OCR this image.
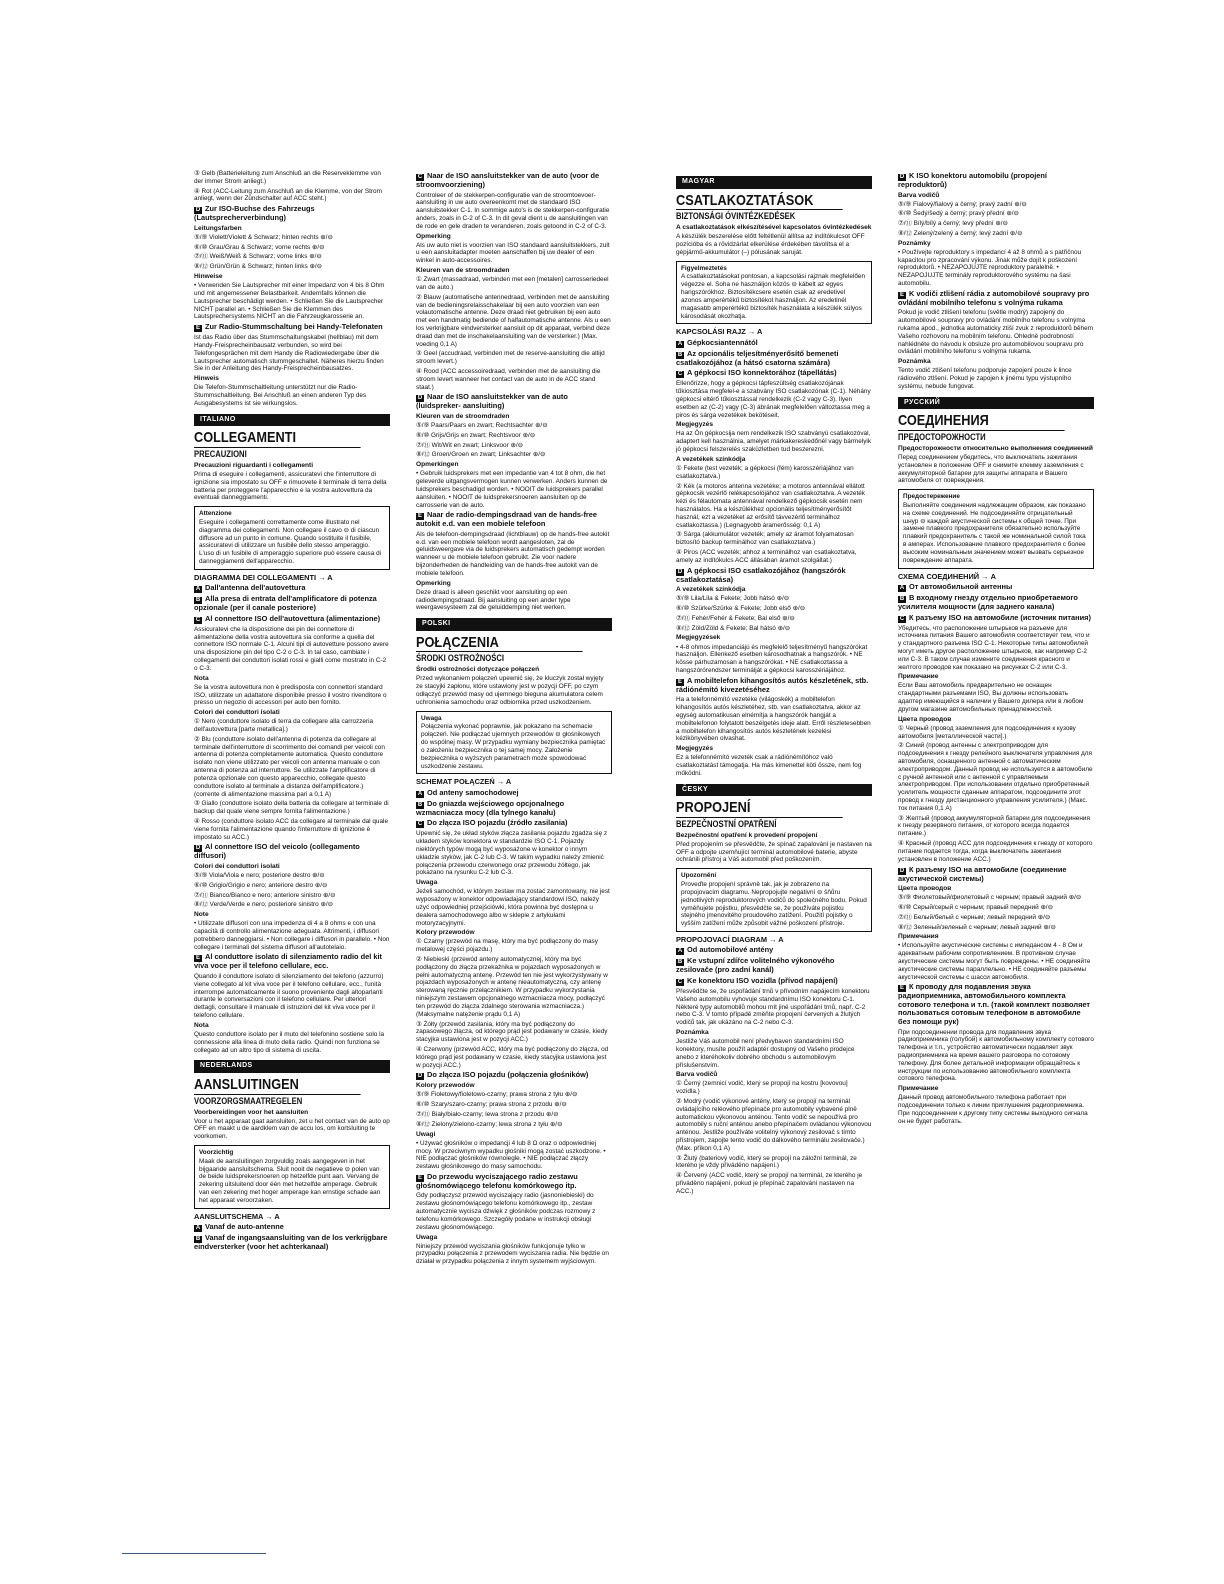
③ Gelb (Batterieleitung zum Anschluß an die Reserveklemme von der immer Strom anliegt.)

④ Rot (ACC-Leitung zum Anschluß an die Klemme, von der Strom anliegt, wenn der Zündschalter auf ACC steht.)

D Zur ISO-Buchse des Fahrzeugs (Lautsprecherverbindung)
Leitungsfarben

⑤/⑨ Violett/Violett & Schwarz; hinten rechts ⊕/⊖

⑥/⑩ Grau/Grau & Schwarz; vorne rechts ⊕/⊖

⑦/⑪ Weiß/Weiß & Schwarz; vorne links ⊕/⊖

⑧/⑫ Grün/Grün & Schwarz; hinten links ⊕/⊖

Hinweise

• Verwenden Sie Lautsprecher mit einer Impedanz von 4 bis 8 Ohm und mit angemessener Belastbarkeit. Andernfalls können die Lautsprecher beschädigt werden. • Schließen Sie die Lautsprecher NICHT parallel an. • Schließen Sie die Klemmen des Lautsprechersystems NICHT an die Fahrzeugkarosserie an.

E Zur Radio-Stummschaltung bei Handy-Telefonaten

Ist das Radio über das Stummschaltungskabel (hellblau) mit dem Handy-Freisprecheinbausatz verbunden, so wird bei Telefongesprächen mit dem Handy die Radiowiedergabe über die Lautsprecher automatisch stummgeschaltet. Näheres hierzu finden Sie in der Anleitung des Handy-Freisprecheinbausatzes.

Hinweis

Die Telefon-Stummschaltleitung unterstützt nur die Radio-Stummschaltleitung. Bei Anschluß an einen anderen Typ des Ausgabesystems ist sie wirkungslos.

ITALIANO
COLLEGAMENTI
PRECAUZIONI
Precauzioni riguardanti i collegamenti

Prima di eseguire i collegamenti, assicuratevi che l'interruttore di ignizione sia impostato su OFF e rimuovete il terminale di terra della batteria per proteggere l'apparecchio e la vostra autovettura da eventuali danneggiamenti.

Attenzione
Eseguire i collegamenti correttamente come illustrato nel diagramma dei collegamenti. Non collegare il cavo ⊖ di ciascun diffusore ad un punto in comune. Quando sostituite il fusibile, assicuratevi di utilizzare un fusibile dello stesso amperaggio. L'uso di un fusibile di amperaggio superiore può essere causa di danneggiamenti dell'apparecchio.
DIAGRAMMA DEI COLLEGAMENTI → A
A Dall'antenna dell'autovettura
B Alla presa di entrata dell'amplificatore di potenza opzionale (per il canale posteriore)
C Al connettore ISO dell'autovettura (alimentazione)

Assicuratevi che la disposizione dei pin dei connettore di alimentazione della vostra autovettura sia conforme a quella del connettore ISO normale C-1. Alcuni tipi di autovetture possono avere una disposizione pin del tipo C-2 o C-3. In tal caso, cambiate i collegamenti dei conduttori isolati rossi e gialli come mostrato in C-2 o C-3.

Nota

Se la vostra autovettura non è predisposta con connettori standard ISO, utilizzate un adattatore disponibile presso il vostro rivenditore o presso un negozio di accessori per auto ben fornito.

Colori dei conduttori isolati

① Nero (conduttore isolato di terra da collegare alla carrozzeria dell'autovettura [parte metallica].)

② Blu (conduttore isolato dell'antenna di potenza da collegare al terminale dell'interruttore di scorrimento dei comandi per veicoli con antenna di potenza completamente automatica. Questo conduttore isolato non viene utilizzato per veicoli con antenna manuale o con antenna di potenza ad interruttore. Se utilizzate l'amplificatore di potenza opzionale con questo apparecchio, collegate questo conduttore isolato al terminale a distanza dell'amplificatore.) (corrente di alimentazione massima pari a 0,1 A)

③ Giallo (conduttore isolato della batteria da collegare al terminale di backup dal quale viene sempre fornita l'alimentazione.)

④ Rosso (conduttore isolato ACC da collegare al terminale dal quale viene fornita l'alimentazione quando l'interruttore di ignizione è impostato su ACC.)

D Al connettore ISO del veicolo (collegamento diffusori)
Colori dei conduttori isolati

⑤/⑨ Viola/Viola e nero; posteriore destro ⊕/⊖

⑥/⑩ Grigio/Grigio e nero; anteriore destro ⊕/⊖

⑦/⑪ Bianco/Bianco e nero; anteriore sinistro ⊕/⊖

⑧/⑫ Verde/Verde e nero; posteriore sinistro ⊕/⊖

Note

• Utilizzate diffusori con una impedenza di 4 a 8 ohms e con una capacità di controllo alimentazione adeguata. Altrimenti, i diffusori potrebbero danneggiarsi. • Non collegare i diffusori in parallelo. • Non collegare i terminali del sistema diffusori all'autotelaio.

E Al conduttore isolato di silenziamento radio del kit viva voce per il telefono cellulare, ecc.

Quando il conduttore isolato di silenziamento del telefono (azzurro) viene collegato al kit viva voce per il telefono cellulare, ecc., l'unità interrompe automaticamente il suono proveniente dagli altoparlanti durante le conversazioni con il telefono cellulare. Per ulteriori dettagli, consultare il manuale di istruzioni del kit viva voce per il telefono cellulare.

Nota

Questo conduttore isolato per il muto del telefonino sostiene solo la connessione alla linea di muto della radio. Quindi non funziona se collegato ad un altro tipo di sistema di uscita.

NEDERLANDS
AANSLUITINGEN
VOORZORGSMAATREGELEN
Voorbereidingen voor het aansluiten

Voor u het apparaat gaat aansluiten, zet u het contact van de auto op OFF en maakt u de aardklem van de accu los, om kortsluiting te voorkomen.

Voorzichtig
Maak de aansluitingen zorgvuldig zoals aangegeven in het bijgaande aansluitschema. Sluit nooit de negatieve ⊖ polen van de beide luidsprekersnoeren op hetzelfde punt aan. Vervang de zekering uitsluitend door één met hetzelfde amperage. Gebruik van een zekering met hoger amperage kan ernstige schade aan het apparaat veroorzaken.
AANSLUITSCHEMA → A
A Vanaf de auto-antenne
B Vanaf de ingangsaansluiting van de los verkrijgbare eindversterker (voor het achterkanaal)
C Naar de ISO aansluitstekker van de auto (voor de stroomvoorziening)

Controleer of de stekkerpen-configuratie van de stroomtoevoer-aansluiting in uw auto overeenkomt met de standaard ISO aansluitstekker C-1. In sommige auto's is de stekkerpen-configuratie anders, zoals in C-2 of C-3. In dit geval dient u de aansluitingen van de rode en gele draden te veranderen, zoals getoond in C-2 of C-3.

Opmerking

Als uw auto niet is voorzien van ISO standaard aansluitstekkers, zult u een aansluitadapter moeten aanschaffen bij uw dealer of een winkel in auto-accessoires.

Kleuren van de stroomdraden

① Zwart (massadraad, verbinden met een [metalen] carrosseriedeel van de auto.)

② Blauw (automatische antennedraad, verbinden met de aansluiting van de bedieningsrelaisschakelaar bij een auto voorzien van een volautomatische antenne. Deze draad niet gebruiken bij een auto met een handmatig bediende of halfautomatische antenne. Als u een los verkrijgbare eindversterker aansluit op dit apparaat, verbind deze draad dan met de inschakelaansluiting van de versterker.) (Max. voeding 0,1 A)

③ Geel (accudraad, verbinden met de reserve-aansluiting die altijd stroom levert.)

④ Rood (ACC accessoiredraad, verbinden met de aansluiting die stroom levert wanneer het contact van de auto in de ACC stand staat.)

D Naar de ISO aansluitstekker van de auto (luidspreker- aansluiting)
Kleuren van de stroomdraden

⑤/⑨ Paars/Paars en zwart; Rechtsachter ⊕/⊖

⑥/⑩ Grijs/Grijs en zwart; Rechtsvoor ⊕/⊖

⑦/⑪ Wit/Wit en zwart; Linksvoor ⊕/⊖

⑧/⑫ Groen/Groen en zwart; Linksachter ⊕/⊖

Opmerkingen

• Gebruik luidsprekers met een impedantie van 4 tot 8 ohm, die het geleverde uitgangsvermogen kunnen verwerken. Anders kunnen de luidsprekers beschadigd worden. • NOOIT de luidsprekers parallel aansluiten. • NOOIT de luidsprekersnoeren aansluiten op de carrosserie van de auto.

E Naar de radio-dempingsdraad van de hands-free autokit e.d. van een mobiele telefoon

Als de telefoon-dempingsdraad (lichtblauw) op de hands-free autokit e.d. van een mobiele telefoon wordt aangesloten, zal de geluidsweergave via de luidsprekers automatisch gedempt worden wanneer u de mobiele telefoon gebruikt. Zie voor nadere bijzonderheden de handleiding van de hands-free autokit van de mobiele telefoon.

Opmerking

Deze draad is alleen geschikt voor aansluiting op een radiodempingsdraad. Bij aansluiting op een ander type weergavesysteem zal de geluiddemping niet werken.

POLSKI
POŁĄCZENIA
ŚRODKI OSTROŻNOŚCI
Środki ostrożności dotyczące połączeń

Przed wykonaniem połączeń upewnić się, że kluczyk został wyjęty ze stacyjki zapłonu, które ustawiony jest w pozycji OFF, po czym odłączyć przewód masy od ujemnego bieguna akumulatora celem uchronienia samochodu oraz odbiornika przed uszkodzeniem.

Uwaga
Połączenia wykonać poprawnie, jak pokazano na schemacie połączeń. Nie podłączać ujemnych przewodów ⊖ głośnikowych do wspólnej masy. W przypadku wymiany bezpiecznika pamiętać o założeniu bezpiecznika o tej samej mocy. Założenie bezpiecznika o wyższych parametrach może spowodować uszkodzenie zestawu.
SCHEMAT POŁĄCZEŃ → A
A Od anteny samochodowej
B Do gniazda wejściowego opcjonalnego wzmacniacza mocy (dla tylnego kanału)
C Do złącza ISO pojazdu (źródło zasilania)

Upewnić się, że układ styków złącza zasilania pojazdu zgadza się z układem styków konektora w standardzie ISO C-1. Pojazdy niektórych typów mogą być wyposażone w konektor o innym układzie styków, jak C-2 lub C-3. W takim wypadku należy zmienić połączenia przewodu czerwonego oraz przewodu żółtego, jak pokazano na rysunku C-2 lub C-3.

Uwaga

Jeżeli samochód, w którym zestaw ma zostać zamontowany, nie jest wyposażony w konektor odpowiadający standardowi ISO, należy użyć odpowiedniej przejściówki, która powinna być dostępna u dealera samochodowego albo w sklepie z artykułami motoryzacyjnymi.

Kolory przewodów

① Czarny (przewód na masę, który ma być podłączony do masy metalowej części pojazdu.)

② Niebieski (przewód anteny automatycznej, który ma być podłączony do złącza przekaźnika w pojazdach wyposażonych w pełni automatyczną antenę. Przewód ten nie jest wykorzystywany w pojazdach wyposażonych w antenę nieautomatyczną, czy antenę sterowaną ręcznie przełącznikiem. W przypadku wykorzystania niniejszym zestawem opcjonalnego wzmacniacza mocy, podłączyć ten przewód do złącza zdalnego sterowania wzmacniacza.) (Maksymalne natężenie prądu 0,1 A)

③ Żółty (przewód zasilania, który ma być podłączony do zapasowego złącza, od którego prąd jest podawany w czasie, kiedy stacyjka ustawiona jest w pozycji ACC.)

④ Czerwony (przewód ACC, który ma być podłączony do złącza, od którego prąd jest podawany w czasie, kiedy stacyjka ustawiona jest w pozycji ACC.)

D Do złącza ISO pojazdu (połączenia głośników)
Kolory przewodów

⑤/⑨ Fioletowy/fioletowo-czarny; prawa strona z tyłu ⊕/⊖

⑥/⑩ Szary/szaro-czarny; prawa strona z przodu ⊕/⊖

⑦/⑪ Biały/biało-czarny; lewa strona z przodu ⊕/⊖

⑧/⑫ Zielony/zielono-czarny; lewa strona z tyłu ⊕/⊖

Uwagi

• Używać głośników o impedancji 4 lub 8 Ω oraz o odpowiedniej mocy. W przeciwnym wypadku głośniki mogą zostać uszkodzone. • NIE podłączać głośników równolegle. • NIE podłączać złączy zestawu głośnikowego do masy samochodu.

E Do przewodu wyciszającego radio zestawu głośnomówiącego telefonu komórkowego itp.

Gdy podłączysz przewód wyciszający radio (jasnoniebieski) do zestawu głośnomówiącego telefonu komórkowego itp., zestaw automatycznie wycisza dźwięk z głośników podczas rozmowy z telefonu komórkowego. Szczegóły podane w instrukcji obsługi zestawu głośnomówiącego.

Uwaga

Niniejszy przewód wyciszania głośników funkcjonuje tylko w przypadku połączenia z przewodem wyciszania radia. Nie będzie on działał w przypadku połączenia z innym systemem wyjściowym.

MAGYAR
CSATLAKOZTATÁSOK
BIZTONSÁGI ÓVINTÉZKEDÉSEK
A csatlakoztatások elkészítésével kapcsolatos óvintézkedések

A készülék beszerelése előtt feltétlenül állítsa az indítókulcsot OFF pozícióba és a rövidzárlat elkerülése érdekében távolítsa el a gépjármű-akkumulátor (–) pólusának saruját.

Figyelmeztetés
A csatlakoztatásokat pontosan, a kapcsolási rajznak megfelelően végezze el. Soha ne használjon közös ⊖ kábelt az egyes hangszórókhoz. Biztosítékcsere esetén csak az eredetivel azonos amperértékű biztosítékot használjon. Az eredetinél magasabb amperértékű biztosíték használata a készülék súlyos károsodását okozhatja.
KAPCSOLÁSI RAJZ → A
A Gépkocsiantennától
B Az opcionális teljesítményerősítő bemeneti csatlakozójához (a hátsó csatorna számára)
C A gépkocsi ISO konnektorához (tápellátás)

Ellenőrizze, hogy a gépkocsi tápfeszültség csatlakozójának tűkiosztása megfelel-e a szabvány ISO csatlakozónak (C-1). Néhány gépkocsi eltérő tűkiosztással rendelkezik (C-2 vagy C-3). Ilyen esetben az (C-2) vagy (C-3) ábrának megfelelően változtassa meg a piros és sárga vezetékek bekötéseit.

Megjegyzés

Ha az Ön gépkocsija nem rendelkezik ISO szabványú csatlakozóval, adaptert kell használnia, amelyet márkakereskedőnél vagy bármelyik jó gépkocsi felszerelés szaküzletben tud beszerezni.

A vezetékek színkódja

① Fekete (test vezeték; a gépkocsi (fém) karosszériájához van csatlakoztatva.)

② Kék (a motoros antenna vezetéke; a motoros antennával ellátott gépkocsik vezérlő relékapcsolójához van csatlakoztatva. A vezeték kézi és félautomata antennával rendelkező gépkocsik esetén nem használatos. Ha a készülékhez opcionális teljesítményerősítőt használ, ezt a vezetéket az erősítő távvezérlő terminálhoz csatlakoztassa.) (Legnagyobb áramerősség: 0,1 A)

③ Sárga (akkumulátor vezeték; amely az áramot folyamatosan biztosító backup terminálhoz van csatlakoztatva.)

④ Piros (ACC vezeték; ahhoz a terminálhoz van csatlakoztatva, amely az indítókulcs ACC állásában áramot szolgáltat.)

D A gépkocsi ISO csatlakozójához (hangszórók csatlakoztatása)
A vezetékek színkódja

⑤/⑨ Lila/Lila & Fekete; Jobb hátsó ⊕/⊖

⑥/⑩ Szürke/Szürke & Fekete; Jobb első ⊕/⊖

⑦/⑪ Fehér/Fehér & Fekete; Bal első ⊕/⊖

⑧/⑫ Zöld/Zöld & Fekete; Bal hátsó ⊕/⊖

Megjegyzések

• 4-8 ohmos impedanciájú és megfelelő teljesítményű hangszórókat használjon. Ellenkező esetben károsodhatnak a hangszórók. • NE kösse párhuzamosan a hangszórókat. • NE csatlakoztassa a hangszórórendszer terminálját a gépkocsi karosszériájához.

E A mobiltelefon kihangosítós autós készletének, stb. rádiónémító kivezetéséhez

Ha a telefonnémító vezetéke (világoskék) a mobiltelefon kihangosítós autós készletéhez, stb. van csatlakoztatva, akkor az egység automatikusan elnémítja a hangszórók hangját a mobiltelefonon folytatott beszélgetés ideje alatt. Erről részletesebben a mobiltelefon kihangosítós autós készletének kezelési kézikönyvében olvashat.

Megjegyzés

Ez a telefonnémító vezeték csak a rádiónémítóhoz való csatlakoztatást támogatja. Ha más kimenettel köti össze, nem fog működni.

ČESKY
PROPOJENÍ
BEZPEČNOSTNÍ OPATŘENÍ
Bezpečnostní opatření k provedení propojení

Před propojením se přesvědčte, že spínač zapalování je nastaven na OFF a odpojte uzemňující terminál automobilové baterie, abyste ochránili přístroj a Váš automobil před poškozením.

Upozornění
Proveďte propojení správně tak, jak je zobrazeno na propojovacím diagramu. Nepropojujte negativní ⊖ šňůru jednotlivých reproduktorových vodičů do společného bodu. Pokud vyměňujete pojistku, přesvědčte se, že používáte pojistku stejného jmenovitého proudového zatížení. Použití pojistky o vyšším zatížení může způsobit vážné poškození přístroje.
PROPOJOVACÍ DIAGRAM → A
A Od automobilové antény
B Ke vstupní zdířce volitelného výkonového zesilovače (pro zadní kanál)
C Ke konektoru ISO vozidla (přívod napájení)

Přesvědčte se, že uspořádání trnů v přívodním napájecím konektoru Vašeho automobilu vyhovuje standardnímu ISO konektoru C-1. Některé typy automobilů mohou mít jiné uspořádání trnů, např. C-2 nebo C-3. V tomto případě změňte propojení červených a žlutých vodičů tak, jak ukázáno na C-2 nebo C-3.

Poznámka

Jestliže Váš automobil není předvybaven standardními ISO konektory, musíte použít adaptér dostupný od Vašeho prodejce anebo z kteréhokoliv dobrého obchodu s automobilovým příslušenstvím.

Barva vodičů

① Černý (zemnicí vodič, který se propojí na kostru [kovovou] vozidla.)

② Modrý (vodič výkonové antény, který se propojí na terminál ovládajícího reléového přepínače pro automobily vybavené plně automatickou výkonovou anténou. Tento vodič se nepoužívá pro automobily s ruční anténou anebo přepínačem ovládanou výkonovou anténou. Jestliže používáte volitelný výkonový zesilovač s tímto přístrojem, zapojte tento vodič do dálkového terminálu zesilovače.) (Max. příkon 0,1 A)

③ Žlutý (bateriový vodič, který se propojí na záložní terminál, ze kterého je vždy přiváděno napájení.)

④ Červený (ACC vodič, který se propojí na terminál, ze kterého je přiváděno napájení, pokud je přepínač zapalování nastaven na ACC.)

D K ISO konektoru automobilu (propojení reproduktorů)
Barva vodičů

⑤/⑨ Fialový/fialový a černý; pravý zadní ⊕/⊖

⑥/⑩ Šedý/šedý a černý; pravý přední ⊕/⊖

⑦/⑪ Bílý/bílý a černý; levý přední ⊕/⊖

⑧/⑫ Zelený/zelený a černý; levý zadní ⊕/⊖

Poznámky

• Používejte reproduktory s impedancí 4 až 8 ohmů a s patřičnou kapacitou pro zpracování výkonu. Jinak může dojít k poškození reproduktorů. • NEZAPOJUJTE reproduktory paralelně. • NEZAPOJUJTE terminály reproduktorového systému na šasi automobilu.

E K vodiči ztlišení rádia z automobilové soupravy pro ovládání mobilního telefonu s volnýma rukama

Pokud je vodič ztlišení telefonu (světle modrý) zapojený do automobilové soupravy pro ovládání mobilního telefonu s volnýma rukama apod., jednotka automaticky ztiší zvuk z reproduktorů během Vašeho rozhovoru na mobilním telefonu. Ohledně podrobností nahlédněte do návodu k obsluze pro automobilovou soupravu pro ovládání mobilního telefonu s volnýma rukama.

Poznámka

Tento vodič ztlišení telefonu podporuje zapojení pouze k lince rádiového ztlšení. Pokud je zapojen k jinému typu výstupního systému, nebude fungovat.

РУССКИЙ
СОЕДИНЕНИЯ
ПРЕДОСТОРОЖНОСТИ
Предосторожности относительно выполнения соединений

Перед соединением убедитесь, что выключатель зажигания установлен в положение OFF и снимите клемму заземления с аккумуляторной батареи для защиты аппарата и Вашего автомобиля от повреждения.

Предостережение
Выполняйте соединения надлежащим образом, как показано на схеме соединений. Не подсоединяйте отрицательный шнур ⊖ каждой акустической системы к общей точке. При замене плавкого предохранителя обязательно используйте плавкий предохранитель с такой же номинальной силой тока в амперах. Использование плавкого предохранителя с более высоким номинальным значением может вызвать серьезное повреждение аппарата.
СХЕМА СОЕДИНЕНИЙ → A
A От автомобильной антенны
B В входному гнезду отдельно приобретаемого усилителя мощности (для заднего канала)
C К разъему ISO на автомобиле (источник питания)

Убедитесь, что расположение штырьков на разъеме для источника питания Вашего автомобиля соответствует тем, что и у стандартного разъема ISO C-1. Некоторые типы автомобилей могут иметь другое расположение штырьков, как например C-2 или C-3. В таком случае измените соединения красного и желтого проводов как показано на рисунках C-2 или C-3.

Примечание

Если Ваш автомобиль предварительно не оснащен стандартными разъемами ISO, Вы должны использовать адаптер имеющийся в наличии у Вашего дилера или в любом другом магазине автомобильных принадлежностей.

Цвета проводов

① Черный (провод заземления для подсоединения к кузову автомобиля [металлической части].)

② Синий (провод антенны с электроприводом для подсоединения к гнезду релейного выключателя управления для автомобиля, оснащенного антенной с автоматическим электроприводом. Данный провод не используется в автомобиле с ручной антенной или с антенной с управляемым электроприводом. При использовании отдельно приобретенный усилитель мощности сданным аппаратом, подсоедините этот провод к гнезду дистанционного управления усилителя.) (Макс. ток питания 0,1 A)

③ Желтый (провод аккумуляторной батареи для подсоединения к гнезду резервного питания, от которого всегда подается питание.)

④ Красный (провод ACC для подсоединения к гнезду от которого питание подается тогда, когда выключатель зажигания установлен в положение ACC.)

D К разъему ISO на автомобиле (соединение акустической системы)
Цвета проводов

⑤/⑨ Фиолетовый/фиолетовый с черным; правый задний ⊕/⊖

⑥/⑩ Серый/серый с черным; правый передний ⊕/⊖

⑦/⑪ Белый/белый с черным; левый передний ⊕/⊖

⑧/⑫ Зеленый/зеленый с черным; левый задний ⊕/⊖

Примечания

• Используйте акустические системы с импедансом 4 - 8 Ом и адекватным рабочим сопротивлением. В противном случае акустические системы могут быть повреждены. • НЕ соединяйте акустические системы параллельно. • НЕ соединяйте разъемы акустической системы с шасси автомобиля.

E К проводу для подавления звука радиоприемника, автомобильного комплекта сотового телефона и т.п. (такой комплект позволяет пользоваться сотовым телефоном в автомобиле без помощи рук)

При подсоединении провода для подавления звука радиоприемника (голубой) к автомобильному комплекту сотового телефона и т.п., устройство автоматически подавляет звук радиоприемника на время вашего разговора по сотовому телефону. Для более детальной информации обращайтесь к инструкции по использованию автомобильного комплекта сотового телефона.

Примечание

Данный провод автомобильного телефона работает при подсоединении только к линии приглушения радиоприемника. При подсоединении к другому типу системы выходного сигнала он не будет работать.
